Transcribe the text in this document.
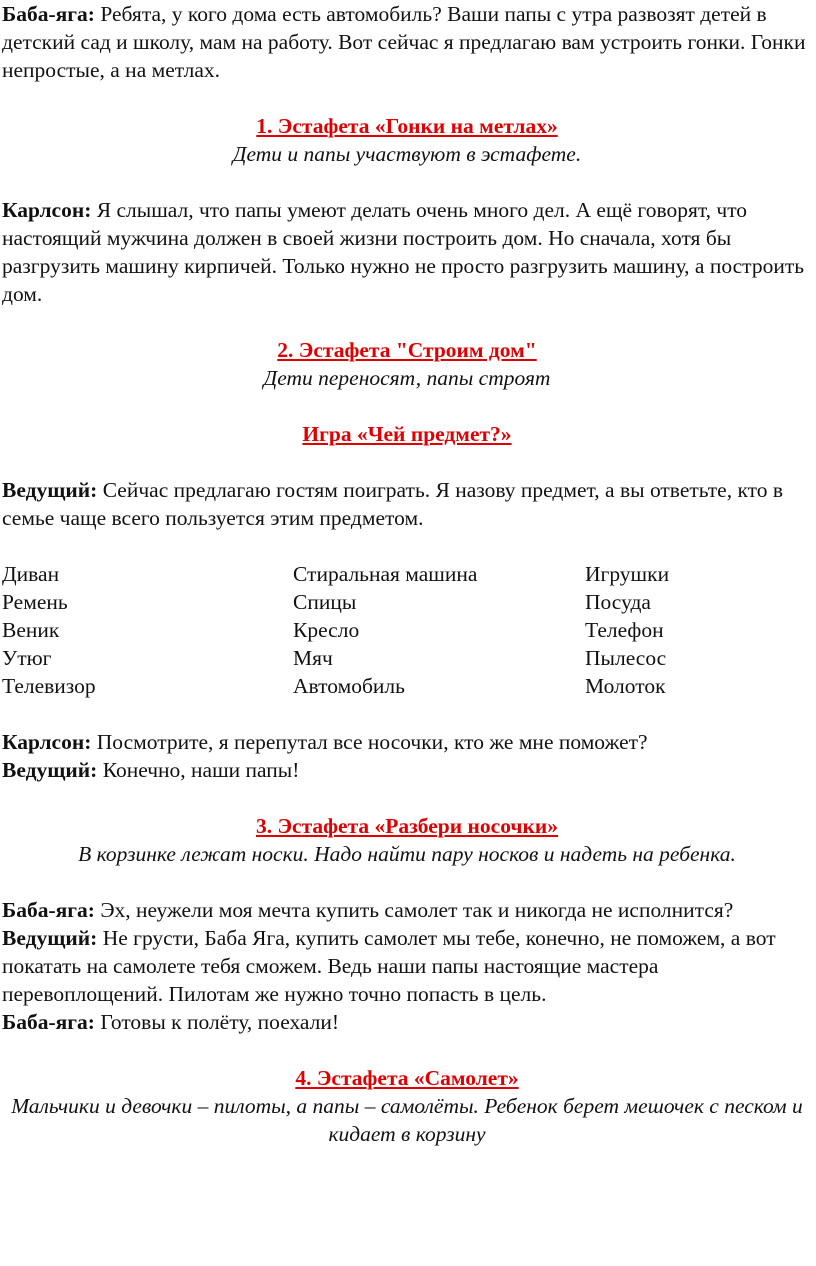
Баба-яга: Ребята, у кого дома есть автомобиль? Ваши папы с утра развозят детей в детский сад и школу, мам на работу. Вот сейчас я предлагаю вам устроить гонки. Гонки непростые, а на метлах.

1. Эстафета «Гонки на метлах»

Дети и папы участвуют в эстафете.

Карлсон: Я слышал, что папы умеют делать очень много дел. А ещё говорят, что настоящий мужчина должен в своей жизни построить дом. Но сначала, хотя бы разгрузить машину кирпичей. Только нужно не просто разгрузить машину, а построить дом.

2. Эстафета "Строим дом"

Дети переносят, папы строят

Игра «Чей предмет?»

Ведущий: Сейчас предлагаю гостям поиграть. Я назову предмет, а вы ответьте, кто в семье чаще всего пользуется этим предметом.

Диван	Стиральная машина	Игрушки
Ремень	Спицы	Посуда
Веник	Кресло	Телефон
Утюг	Мяч	Пылесос
Телевизор	Автомобиль	Молоток

Карлсон: Посмотрите, я перепутал все носочки, кто же мне поможет?

Ведущий: Конечно, наши папы!

3. Эстафета «Разбери носочки»

В корзинке лежат носки. Надо найти пару носков и надеть на ребенка.

Баба-яга: Эх, неужели моя мечта купить самолет так и никогда не исполнится?

Ведущий: Не грусти, Баба Яга, купить самолет мы тебе, конечно, не поможем, а вот покатать на самолете тебя сможем. Ведь наши папы настоящие мастера перевоплощений. Пилотам же нужно точно попасть в цель.

Баба-яга: Готовы к полёту, поехали!

4. Эстафета «Самолет»

Мальчики и девочки – пилоты, а папы – самолёты. Ребенок берет мешочек с песком и кидает в корзину
